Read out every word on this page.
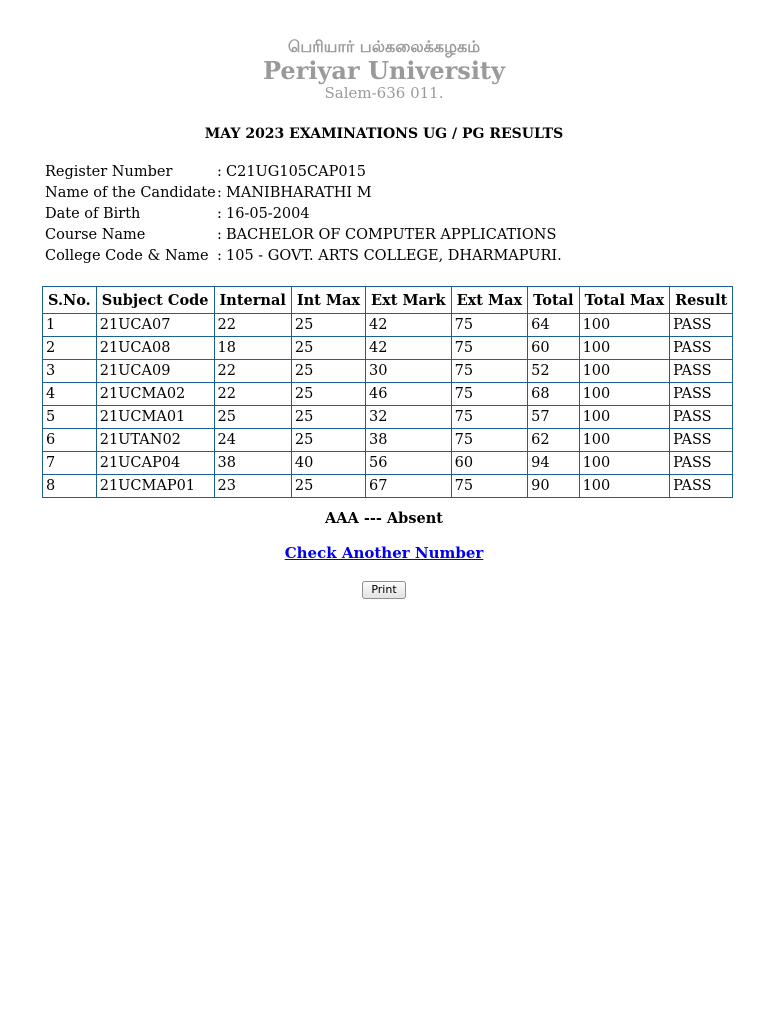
பெரியார் பல்கலைக்கழகம்
Periyar University
Salem-636 011.
MAY 2023 EXAMINATIONS UG / PG RESULTS
Register Number	: C21UG105CAP015
Name of the Candidate : MANIBHARATHI M
Date of Birth	: 16-05-2004
Course Name	: BACHELOR OF COMPUTER APPLICATIONS
College Code & Name : 105 - GOVT. ARTS COLLEGE, DHARMAPURI.
S.No.	Subject Code	Internal	Int Max	Ext Mark	Ext Max	Total	Total Max	Result
1	21UCA07	22	25	42	75	64	100	PASS
2	21UCA08	18	25	42	75	60	100	PASS
3	21UCA09	22	25	30	75	52	100	PASS
4	21UCMA02	22	25	46	75	68	100	PASS
5	21UCMA01	25	25	32	75	57	100	PASS
6	21UTAN02	24	25	38	75	62	100	PASS
7	21UCAP04	38	40	56	60	94	100	PASS
8	21UCMAP01	23	25	67	75	90	100	PASS
AAA --- Absent
Check Another Number
Print
